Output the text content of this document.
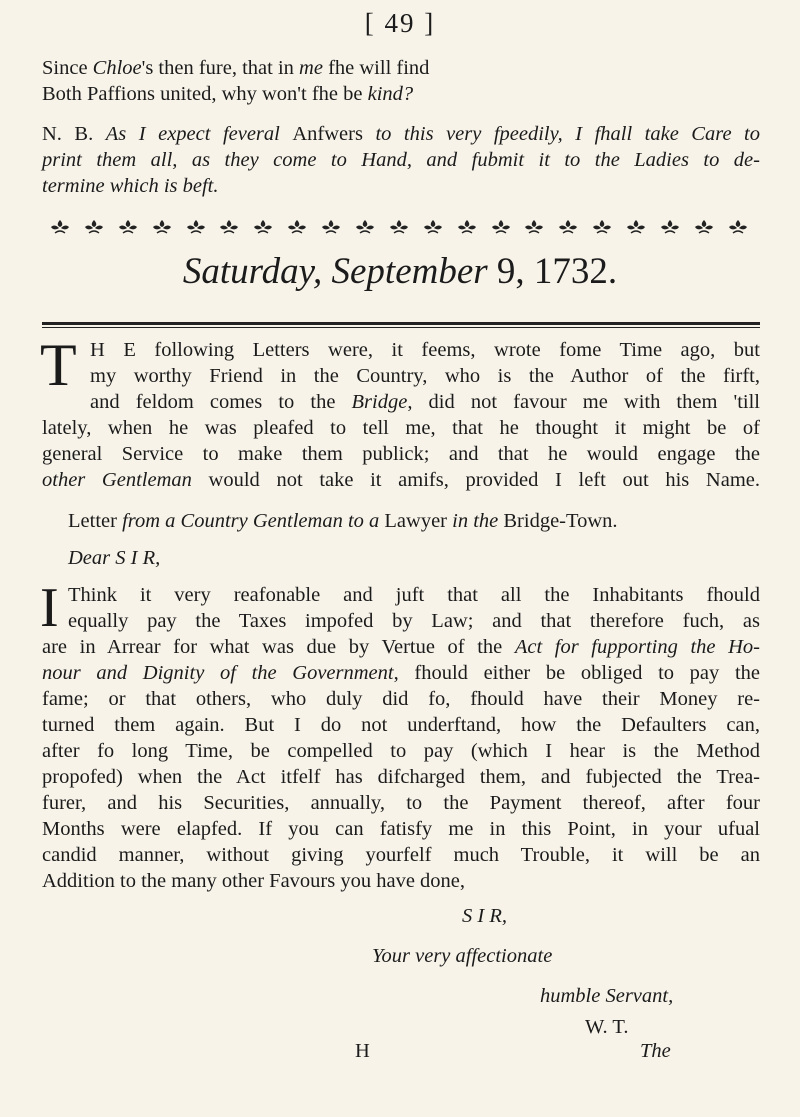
[ 49 ]
Since Chloe's then fure, that in me fhe will find
Both Paffions united, why won't fhe be kind?
N. B. As I expect feveral Anfwers to this very fpeedily, I fhall take Care to
print them all, as they come to Hand, and fubmit it to the Ladies to de-
termine which is beft.
Saturday, September 9, 1732.
T H E following Letters were, it feems, wrote fome Time ago, but
my worthy Friend in the Country, who is the Author of the firft,
and feldom comes to the Bridge, did not favour me with them 'till
lately, when he was pleafed to tell me, that he thought it might be of
general Service to make them publick; and that he would engage the
other Gentleman would not take it amifs, provided I left out his Name.
Letter from a Country Gentleman to a Lawyer in the Bridge-Town.
Dear S I R,
I Think it very reafonable and juft that all the Inhabitants fhould
equally pay the Taxes impofed by Law; and that therefore fuch, as
are in Arrear for what was due by Vertue of the Act for fupporting the Ho-
nour and Dignity of the Government, fhould either be obliged to pay the
fame; or that others, who duly did fo, fhould have their Money re-
turned them again. But I do not underftand, how the Defaulters can,
after fo long Time, be compelled to pay (which I hear is the Method
propofed) when the Act itfelf has difcharged them, and fubjected the Trea-
furer, and his Securities, annually, to the Payment thereof, after four
Months were elapfed. If you can fatisfy me in this Point, in your ufual
candid manner, without giving yourfelf much Trouble, it will be an
Addition to the many other Favours you have done,
S I R,
Your very affectionate
humble Servant,
W. T.
H	The
